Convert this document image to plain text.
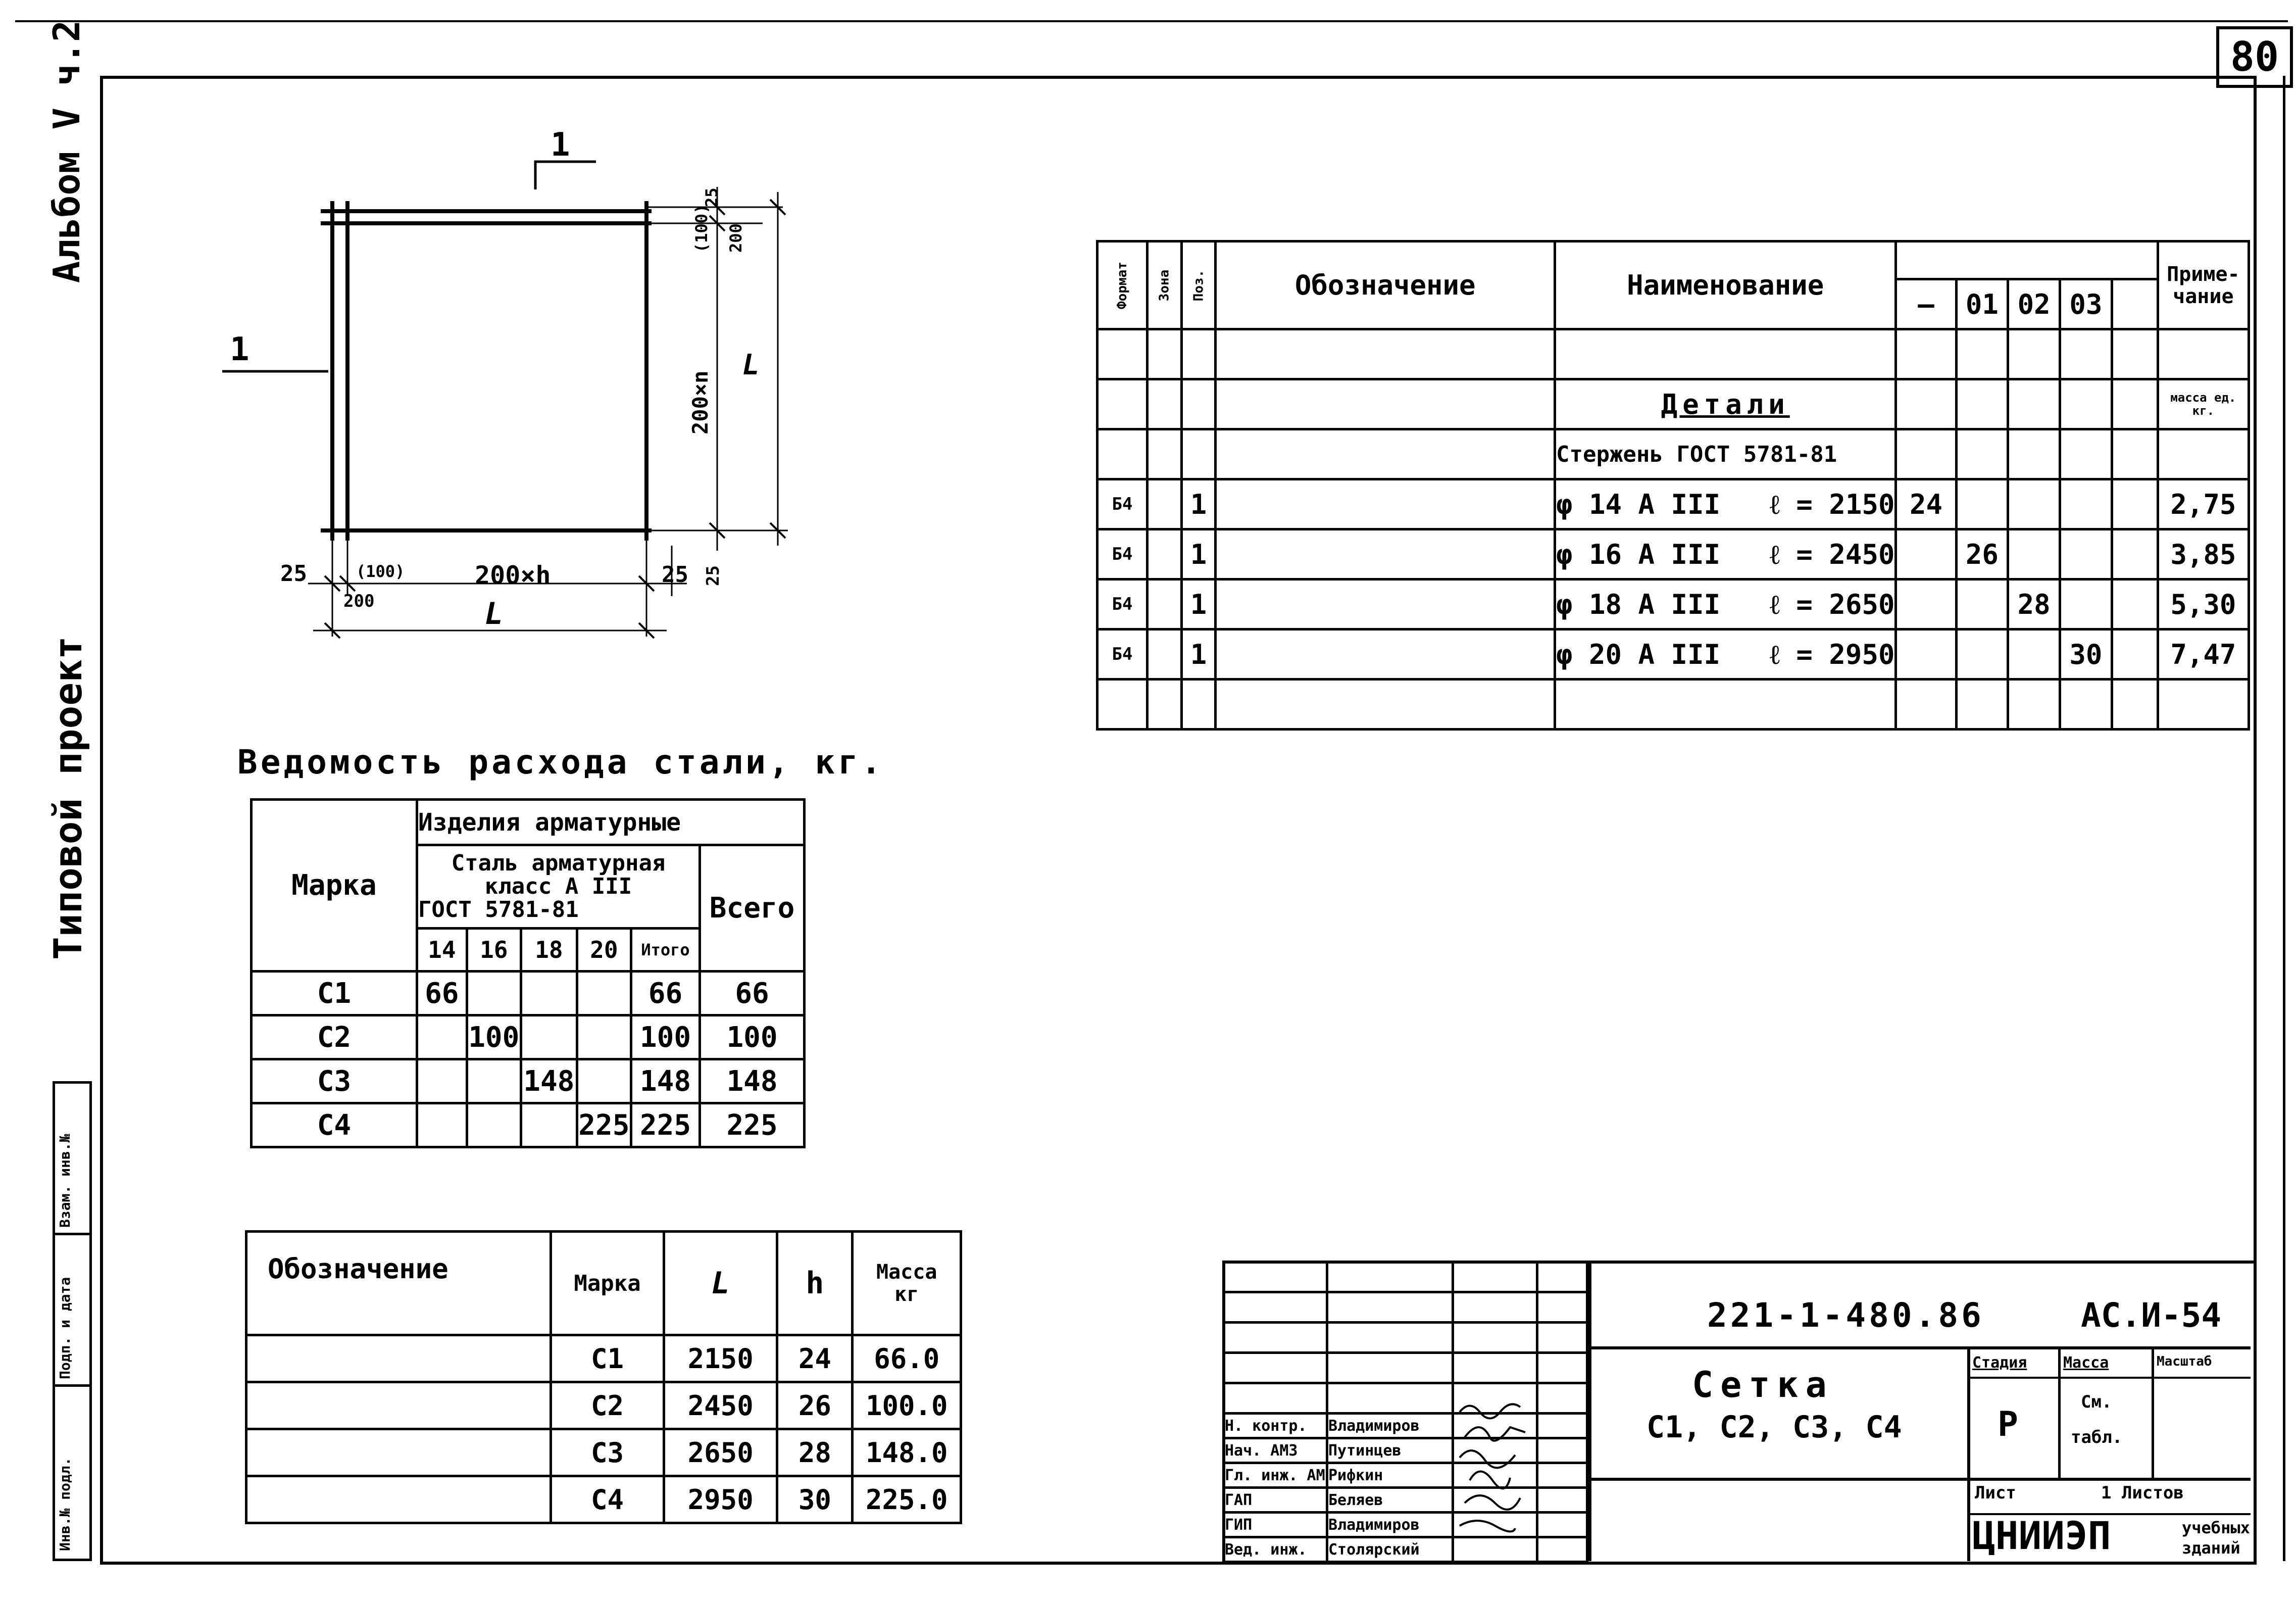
80
Альбом V ч.2
Типовой проект
Взам. инв.№
Подп. и дата
Инв.№ подл.
1
1
25
(100) 200
200×n
L
25	(100)
200
200×h	25 25
L
Формат	Зона	Поз.	Обозначение	Наименование						Приме-
чание

					—	01	02	03		

				Детали						масса ед. кг.
				Стержень ГОСТ 5781-81						
Б4		1		φ 14 А III ℓ = 2150	24					2,75
Б4		1		φ 16 А III ℓ = 2450		26				3,85
Б4		1		φ 18 А III ℓ = 2650			28			5,30
Б4		1		φ 20 А III ℓ = 2950				30		7,47

Ведомость расхода стали, кг.
Марка	Изделия арматурные					

	Сталь арматурная
класс А III
ГОСТ 5781-81					Всего
	14	16	18	20	Итого	
С1	66				66	66
С2		100			100	100
С3			148		148	148
С4				225	225	225
Обозначение	Марка	L	h	Масса
кг

	С1	2150	24	66.0
	С2	2450	26	100.0
	С3	2650	28	148.0
	С4	2950	30	225.0

Н. контр.	Владимиров		
Нач. АМЗ	Путинцев		
Гл. инж. АМ	Рифкин		
ГАП	Беляев		
ГИП	Владимиров		
Вед. инж.	Столярский		
221-1-480.86	АС.И-54
Сетка
С1, С2, С3, С4
Стадия Масса	Масштаб
Р
См.
табл.
Лист	1 Листов
ЦНИИЭП	учебных
зданий
